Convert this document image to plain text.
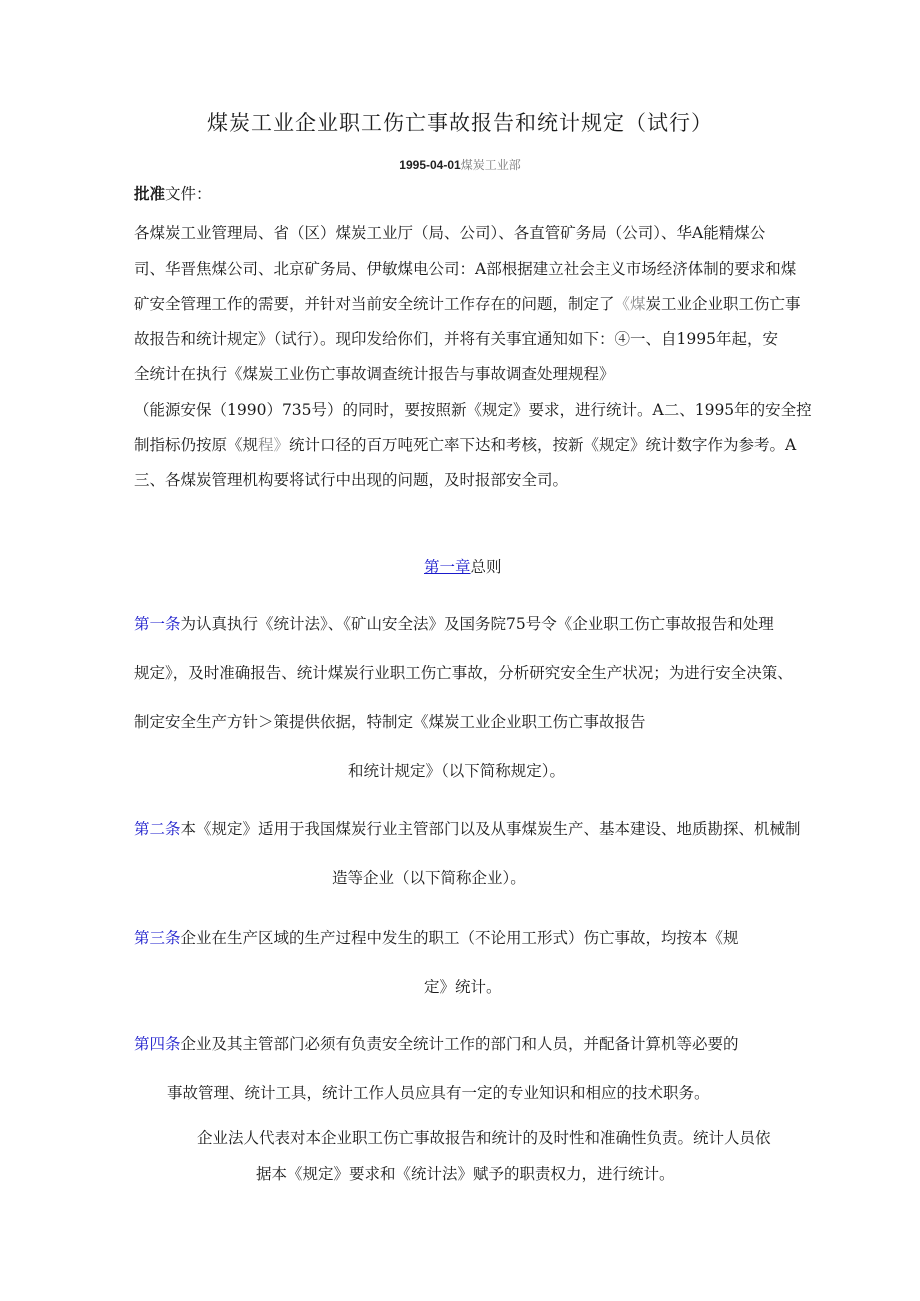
煤炭工业企业职工伤亡事故报告和统计规定（试行）
1995-04-01煤炭工业部
批准文件：
各煤炭工业管理局、省（区）煤炭工业厅（局、公司）、各直管矿务局（公司）、华A能精煤公
司、华晋焦煤公司、北京矿务局、伊敏煤电公司：A部根据建立社会主义市场经济体制的要求和煤
矿安全管理工作的需要，并针对当前安全统计工作存在的问题，制定了《煤炭工业企业职工伤亡事
故报告和统计规定》（试行）。现印发给你们，并将有关事宜通知如下：④一、自1995年起，安
全统计在执行《煤炭工业伤亡事故调查统计报告与事故调查处理规程》
（能源安保（1990）735号）的同时，要按照新《规定》要求，进行统计。A二、1995年的安全控
制指标仍按原《规程》统计口径的百万吨死亡率下达和考核，按新《规定》统计数字作为参考。A
三、各煤炭管理机构要将试行中出现的问题，及时报部安全司。
第一章总则
第一条为认真执行《统计法》、《矿山安全法》及国务院75号令《企业职工伤亡事故报告和处理
规定》，及时准确报告、统计煤炭行业职工伤亡事故，分析研究安全生产状况；为进行安全决策、
制定安全生产方针＞策提供依据，特制定《煤炭工业企业职工伤亡事故报告
和统计规定》（以下简称规定）。
第二条本《规定》适用于我国煤炭行业主管部门以及从事煤炭生产、基本建设、地质勘探、机械制
造等企业（以下简称企业）。
第三条企业在生产区域的生产过程中发生的职工（不论用工形式）伤亡事故，均按本《规
定》统计。
第四条企业及其主管部门必须有负责安全统计工作的部门和人员，并配备计算机等必要的
事故管理、统计工具，统计工作人员应具有一定的专业知识和相应的技术职务。
企业法人代表对本企业职工伤亡事故报告和统计的及时性和准确性负责。统计人员依
据本《规定》要求和《统计法》赋予的职责权力，进行统计。
